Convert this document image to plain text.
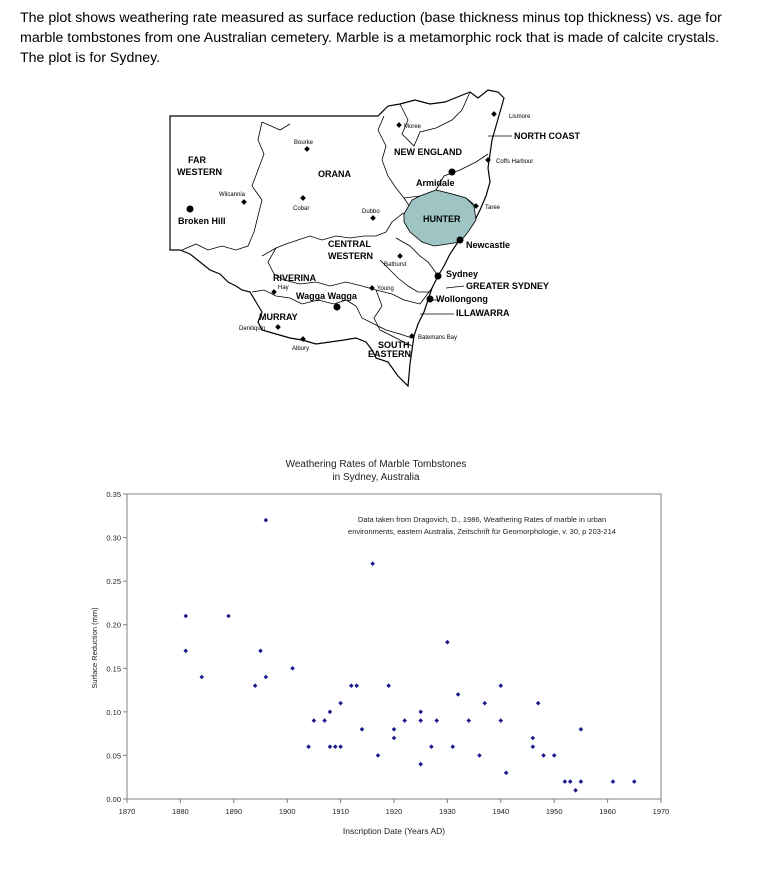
The plot shows weathering rate measured as surface reduction (base thickness minus top thickness) vs. age for marble tombstones from one Australian cemetery. Marble is a metamorphic rock that is made of calcite crystals. The plot is for Sydney.

FAR
WESTERN	ORANA
NEW ENGLAND
NORTH COAST
HUNTER
CENTRAL
WESTERN
RIVERINA
MURRAY
GREATER SYDNEY
ILLAWARRA
SOUTH
EASTERN
Broken Hill
Armidale
Newcastle
Sydney
Wollongong
Wagga Wagga
Moree
Lismore
Coffs Harbour
Bourke
Wilcannia
Cobar	Dubbo
Taree
Bathurst
Young
Hay
Deniliquin
Albury
Batemans Bay
Weathering Rates of Marble Tombstones
in Sydney, Australia
Data taken from Dragovich, D., 1986, Weathering Rates of marble in urban
environments, eastern Australia, Zeitschrift für Geomorphologie, v. 30, p 203-214
0.00
0.05
0.10
0.15
0.20
0.25
0.30
0.35
1870	1880	1890	1900	1910	1920	1930	1940	1950	1960	1970
Inscription Date (Years AD)
Surface Reduction (mm)
